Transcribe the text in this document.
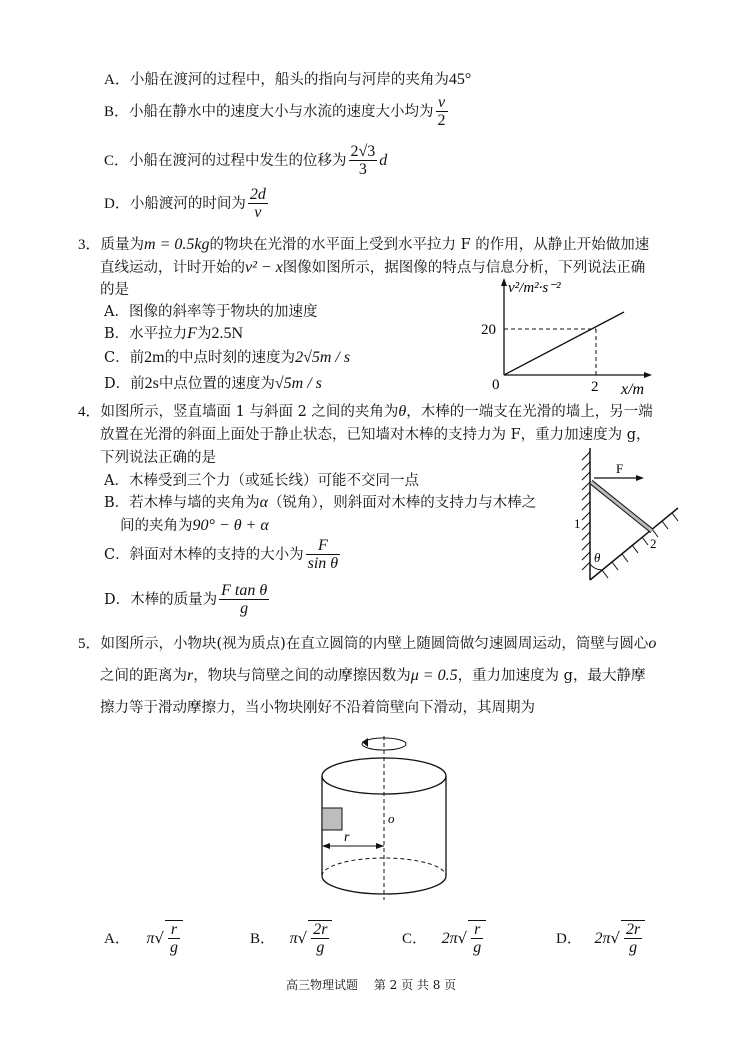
A．小船在渡河的过程中，船头的指向与河岸的夹角为45°
B．小船在静水中的速度大小与水流的速度大小均为 $\frac{v}{2}$
C．小船在渡河的过程中发生的位移为 $\frac{2√3}{3}$ d
D．小船渡河的时间为 $\frac{2d}{v}$
3．质量为m = 0.5kg的物块在光滑的水平面上受到水平拉力 F 的作用，从静止开始做加速
直线运动，计时开始的v² − x图像如图所示，据图像的特点与信息分析，下列说法正确
的是
A．图像的斜率等于物块的加速度
B．水平拉力F为2.5N
C．前2m的中点时刻的速度为2√5m / s
D．前2s中点位置的速度为√5m / s
v²/m²·s⁻²
20
0	2 x/m
4．如图所示，竖直墙面 1 与斜面 2 之间的夹角为θ，木棒的一端支在光滑的墙上，另一端
放置在光滑的斜面上面处于静止状态，已知墙对木棒的支持力为 F，重力加速度为 g，
下列说法正确的是
A．木棒受到三个力（或延长线）可能不交同一点
B．若木棒与墙的夹角为α（锐角），则斜面对木棒的支持力与木棒之
间的夹角为90° − θ + α
C．斜面对木棒的支持的大小为 $\frac{F}{\text{sin θ}}$
D．木棒的质量为 $\frac{\text{F tan θ}}{g}$
F
1
2
θ
5．如图所示，小物块(视为质点)在直立圆筒的内壁上随圆筒做匀速圆周运动，筒壁与圆心o
之间的距离为r，物块与筒壁之间的动摩擦因数为μ = 0.5，重力加速度为 g，最大静摩
擦力等于滑动摩擦力，当小物块刚好不沿着筒壁向下滑动，其周期为
r
o
A． $\pi√ \frac{r}{g}$	B． $\pi√ \frac{2r}{g}$	C． $2\pi√ \frac{r}{g}$	D． $2\pi√ \frac{2r}{g}$
高三物理试题　 第 2 页 共 8 页
